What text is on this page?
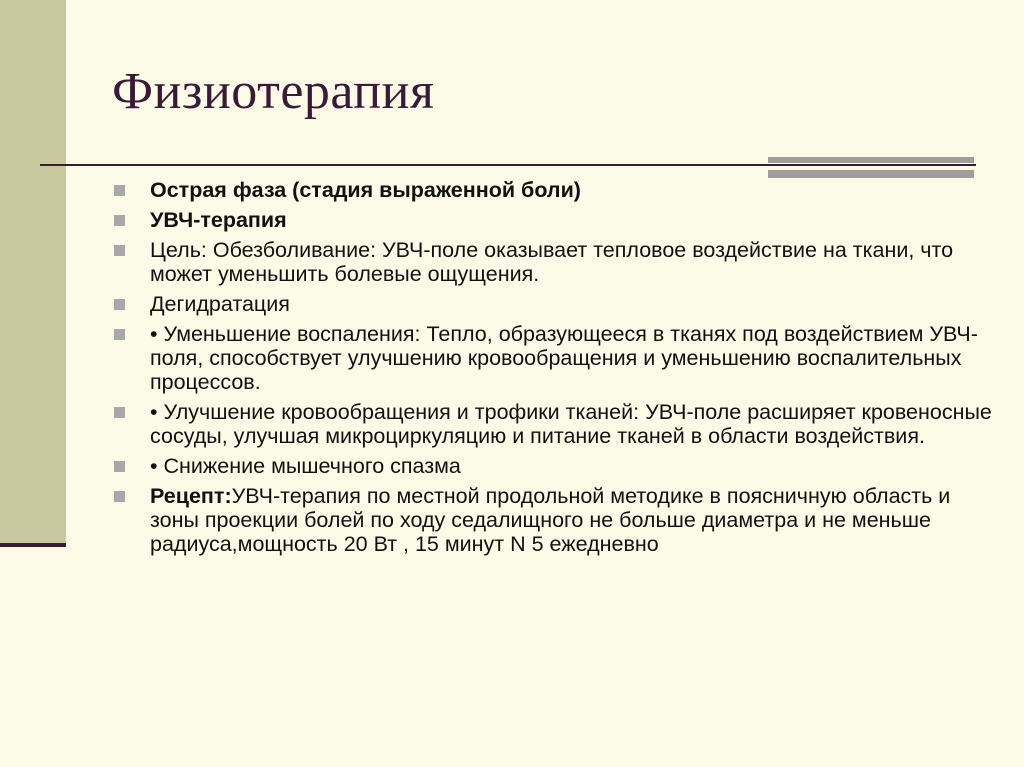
Физиотерапия
Острая фаза (стадия выраженной боли)
УВЧ-терапия
Цель: Обезболивание: УВЧ-поле оказывает тепловое воздействие на ткани, что может уменьшить болевые ощущения.
Дегидратация
• Уменьшение воспаления: Тепло, образующееся в тканях под воздействием УВЧ-поля, способствует улучшению кровообращения и уменьшению воспалительных процессов.
• Улучшение кровообращения и трофики тканей: УВЧ-поле расширяет кровеносные сосуды, улучшая микроциркуляцию и питание тканей в области воздействия.
• Снижение мышечного спазма
Рецепт:УВЧ-терапия по местной продольной методике в поясничную область и зоны проекции болей по ходу седалищного не больше диаметра и не меньше радиуса,мощность 20 Вт , 15 минут N 5 ежедневно
